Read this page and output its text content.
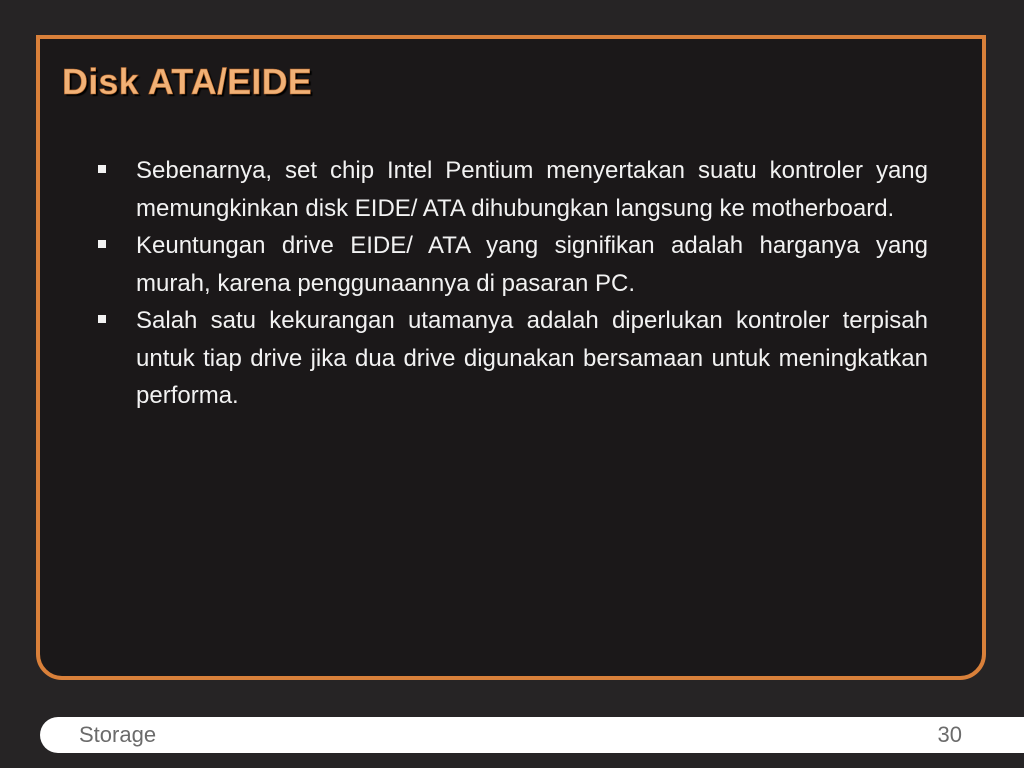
Disk ATA/EIDE
Sebenarnya, set chip Intel Pentium menyertakan suatu kontroler yang memungkinkan disk EIDE/ ATA dihubungkan langsung ke motherboard.
Keuntungan drive EIDE/ ATA yang signifikan adalah harganya yang murah, karena penggunaannya di pasaran PC.
Salah satu kekurangan utamanya adalah diperlukan kontroler terpisah untuk tiap drive jika dua drive digunakan bersamaan untuk meningkatkan performa.
Storage	30
